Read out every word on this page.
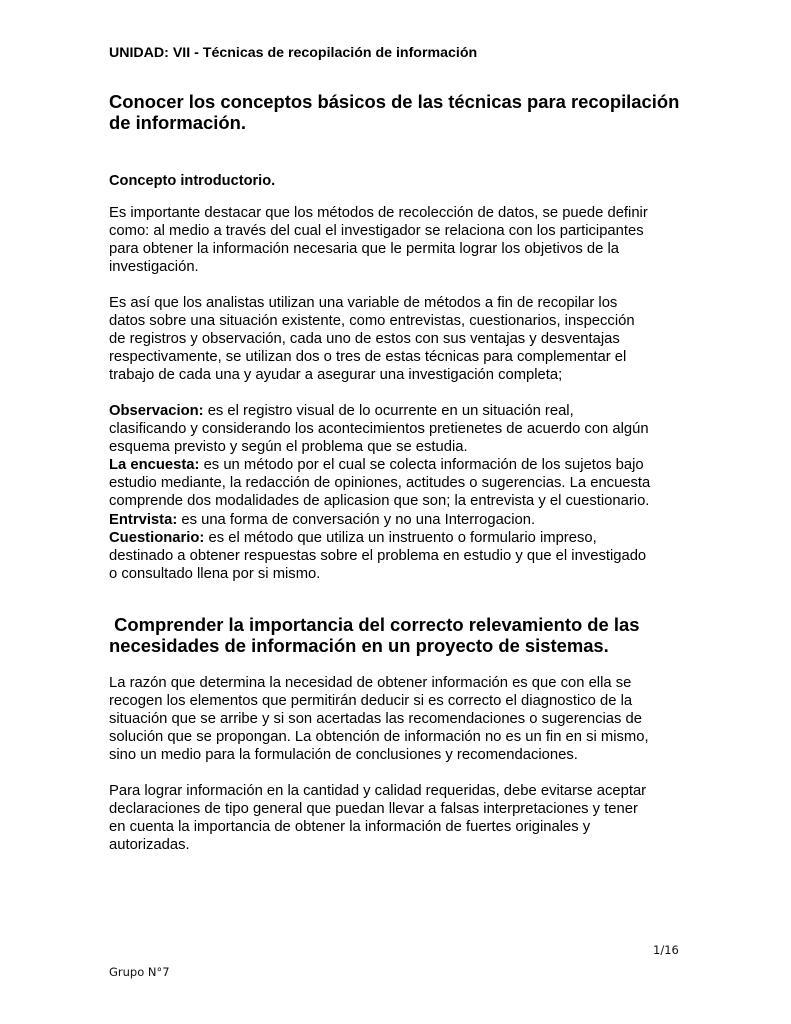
UNIDAD: VII - Técnicas de recopilación de información
Conocer los conceptos básicos de las técnicas para recopilación
de información.
Concepto introductorio.
Es importante destacar que los métodos de recolección de datos, se puede definir
como: al medio a través del cual el investigador se relaciona con los participantes
para obtener la información necesaria que le permita lograr los objetivos de la
investigación.
Es así que los analistas utilizan una variable de métodos a fin de recopilar los
datos sobre una situación existente, como entrevistas, cuestionarios, inspección
de registros y observación, cada uno de estos con sus ventajas y desventajas
respectivamente, se utilizan dos o tres de estas técnicas para complementar el
trabajo de cada una y ayudar a asegurar una investigación completa;
Observacion: es el registro visual de lo ocurrente en un situación real,
clasificando y considerando los acontecimientos pretienetes de acuerdo con algún
esquema previsto y según el problema que se estudia.
La encuesta: es un método por el cual se colecta información de los sujetos bajo
estudio mediante, la redacción de opiniones, actitudes o sugerencias. La encuesta
comprende dos modalidades de aplicasion que son; la entrevista y el cuestionario.
Entrvista: es una forma de conversación y no una Interrogacion.
Cuestionario: es el método que utiliza un instruento o formulario impreso,
destinado a obtener respuestas sobre el problema en estudio y que el investigado
o consultado llena por si mismo.
Comprender la importancia del correcto relevamiento de las
necesidades de información en un proyecto de sistemas.
La razón que determina la necesidad de obtener información es que con ella se
recogen los elementos que permitirán deducir si es correcto el diagnostico de la
situación que se arribe y si son acertadas las recomendaciones o sugerencias de
solución que se propongan. La obtención de información no es un fin en si mismo,
sino un medio para la formulación de conclusiones y recomendaciones.
Para lograr información en la cantidad y calidad requeridas, debe evitarse aceptar
declaraciones de tipo general que puedan llevar a falsas interpretaciones y tener
en cuenta la importancia de obtener la información de fuertes originales y
autorizadas.
1/16
Grupo N°7
